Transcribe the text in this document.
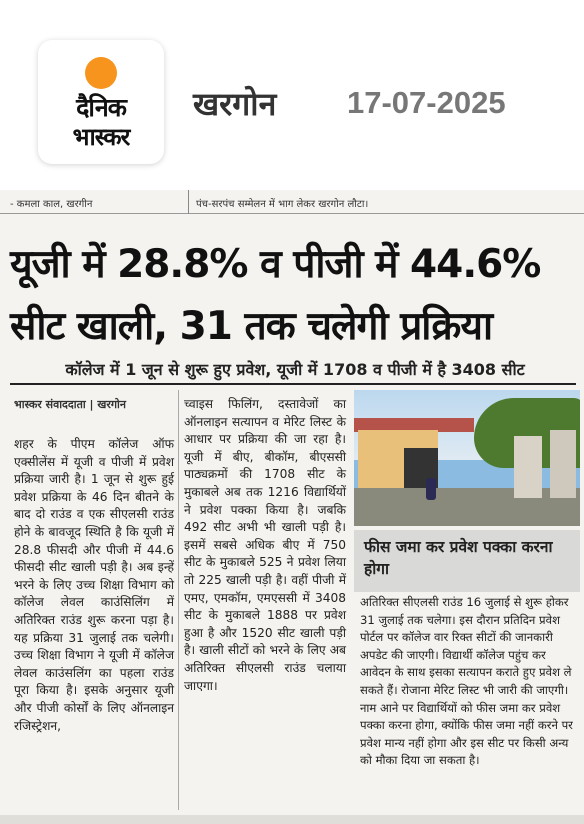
दैनिक
भास्कर
खरगोन 17-07-2025
- कमला काल, खरगीन	पंच-सरपंच सम्मेलन में भाग लेकर खरगोन लौटा।
यूजी में 28.8% व पीजी में 44.6%
सीट खाली, 31 तक चलेगी प्रक्रिया
कॉलेज में 1 जून से शुरू हुए प्रवेश, यूजी में 1708 व पीजी में है 3408 सीट
भास्कर संवाददाता | खरगोन
शहर के पीएम कॉलेज ऑफ एक्सीलेंस में यूजी व पीजी में प्रवेश प्रक्रिया जारी है। 1 जून से शुरू हुई प्रवेश प्रक्रिया के 46 दिन बीतने के बाद दो राउंड व एक सीएलसी राउंड होने के बावजूद स्थिति है कि यूजी में 28.8 फीसदी और पीजी में 44.6 फीसदी सीट खाली पड़ी है। अब इन्हें भरने के लिए उच्च शिक्षा विभाग को कॉलेज लेवल काउंसिलिंग में अतिरिक्त राउंड शुरू करना पड़ा है। यह प्रक्रिया 31 जुलाई तक चलेगी। उच्च शिक्षा विभाग ने यूजी में कॉलेज लेवल काउंसलिंग का पहला राउंड पूरा किया है। इसके अनुसार यूजी और पीजी कोर्सों के लिए ऑनलाइन रजिस्ट्रेशन,
च्वाइस फिलिंग, दस्तावेजों का ऑनलाइन सत्यापन व मेरिट लिस्ट के आधार पर प्रक्रिया की जा रहा है। यूजी में बीए, बीकॉम, बीएससी पाठ्यक्रमों की 1708 सीट के मुकाबले अब तक 1216 विद्यार्थियों ने प्रवेश पक्का किया है। जबकि 492 सीट अभी भी खाली पड़ी है। इसमें सबसे अधिक बीए में 750 सीट के मुकाबले 525 ने प्रवेश लिया तो 225 खाली पड़ी है। वहीं पीजी में एमए, एमकॉम, एमएससी में 3408 सीट के मुकाबले 1888 पर प्रवेश हुआ है और 1520 सीट खाली पड़ी है। खाली सीटों को भरने के लिए अब अतिरिक्त सीएलसी राउंड चलाया जाएगा।
फीस जमा कर प्रवेश पक्का करना होगा
अतिरिक्त सीएलसी राउंड 16 जुलाई से शुरू होकर 31 जुलाई तक चलेगा। इस दौरान प्रतिदिन प्रवेश पोर्टल पर कॉलेज वार रिक्त सीटों की जानकारी अपडेट की जाएगी। विद्यार्थी कॉलेज पहुंच कर आवेदन के साथ इसका सत्यापन कराते हुए प्रवेश ले सकते हैं। रोजाना मेरिट लिस्ट भी जारी की जाएगी। नाम आने पर विद्यार्थियों को फीस जमा कर प्रवेश पक्का करना होगा, क्योंकि फीस जमा नहीं करने पर प्रवेश मान्य नहीं होगा और इस सीट पर किसी अन्य को मौका दिया जा सकता है।
